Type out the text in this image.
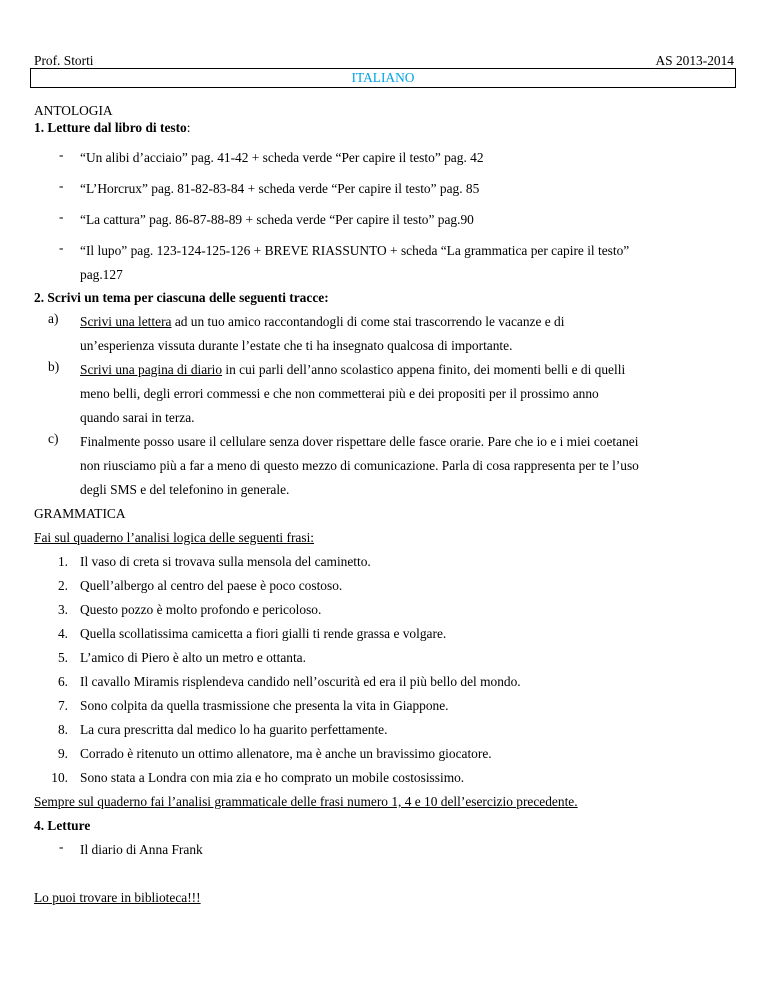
Prof. Storti	AS 2013-2014
ITALIANO
ANTOLOGIA
1. Letture dal libro di testo:
- “Un alibi d’acciaio” pag. 41-42 + scheda verde “Per capire il testo” pag. 42
- “L’Horcrux” pag. 81-82-83-84 + scheda verde “Per capire il testo” pag. 85
- “La cattura” pag. 86-87-88-89 + scheda verde “Per capire il testo” pag.90
- “Il lupo” pag. 123-124-125-126 + BREVE RIASSUNTO + scheda “La grammatica per capire il testo”
pag.127
2. Scrivi un tema per ciascuna delle seguenti tracce:
a) Scrivi una lettera ad un tuo amico raccontandogli di come stai trascorrendo le vacanze e di
un’esperienza vissuta durante l’estate che ti ha insegnato qualcosa di importante.
b) Scrivi una pagina di diario in cui parli dell’anno scolastico appena finito, dei momenti belli e di quelli
meno belli, degli errori commessi e che non commetterai più e dei propositi per il prossimo anno
quando sarai in terza.
c) Finalmente posso usare il cellulare senza dover rispettare delle fasce orarie. Pare che io e i miei coetanei
non riusciamo più a far a meno di questo mezzo di comunicazione. Parla di cosa rappresenta per te l’uso
degli SMS e del telefonino in generale.
GRAMMATICA
Fai sul quaderno l’analisi logica delle seguenti frasi:
1. Il vaso di creta si trovava sulla mensola del caminetto.
2. Quell’albergo al centro del paese è poco costoso.
3. Questo pozzo è molto profondo e pericoloso.
4. Quella scollatissima camicetta a fiori gialli ti rende grassa e volgare.
5. L’amico di Piero è alto un metro e ottanta.
6. Il cavallo Miramis risplendeva candido nell’oscurità ed era il più bello del mondo.
7. Sono colpita da quella trasmissione che presenta la vita in Giappone.
8. La cura prescritta dal medico lo ha guarito perfettamente.
9. Corrado è ritenuto un ottimo allenatore, ma è anche un bravissimo giocatore.
10. Sono stata a Londra con mia zia e ho comprato un mobile costosissimo.
Sempre sul quaderno fai l’analisi grammaticale delle frasi numero 1, 4 e 10 dell’esercizio precedente.
4. Letture
- Il diario di Anna Frank
Lo puoi trovare in biblioteca!!!
